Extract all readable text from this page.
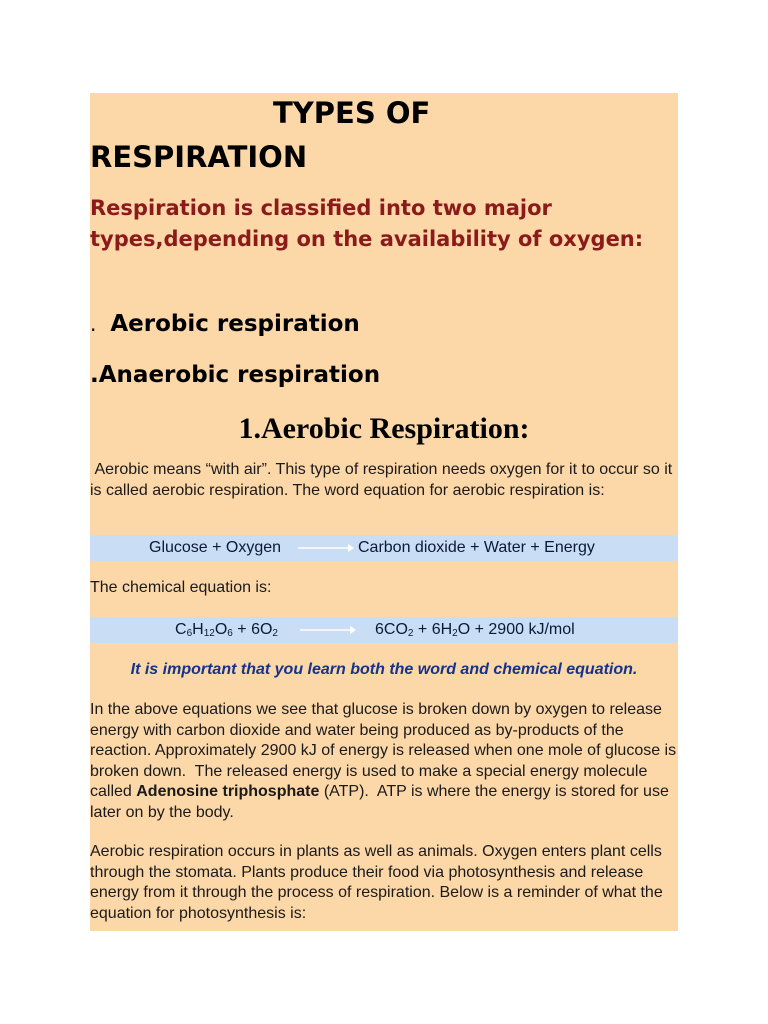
TYPES OF
RESPIRATION
Respiration is classified into two major types,depending on the availability of oxygen:
. Aerobic respiration
.Anaerobic respiration
1.Aerobic Respiration:
Aerobic means “with air”. This type of respiration needs oxygen for it to occur so it is called aerobic respiration. The word equation for aerobic respiration is:
Glucose + Oxygen	Carbon dioxide + Water + Energy
The chemical equation is:
$C_6H_{12}O_6 + 6O_2$	$6CO_2 + 6H_2O + 2900$ kJ/mol
It is important that you learn both the word and chemical equation.
In the above equations we see that glucose is broken down by oxygen to release energy with carbon dioxide and water being produced as by-products of the reaction. Approximately 2900 kJ of energy is released when one mole of glucose is broken down.  The released energy is used to make a special energy molecule called Adenosine triphosphate (ATP).  ATP is where the energy is stored for use later on by the body.
Aerobic respiration occurs in plants as well as animals. Oxygen enters plant cells through the stomata. Plants produce their food via photosynthesis and release energy from it through the process of respiration. Below is a reminder of what the equation for photosynthesis is:
